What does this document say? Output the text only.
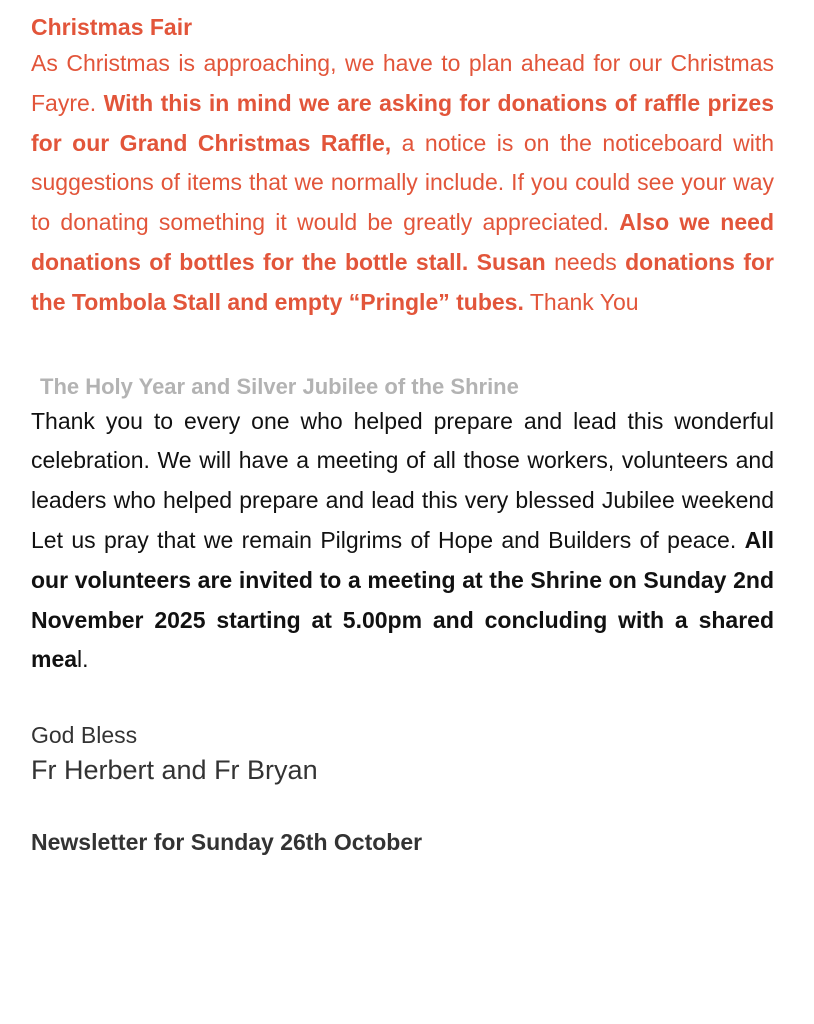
Christmas Fair

As Christmas is approaching, we have to plan ahead for our Christmas Fayre. With this in mind we are asking for donations of raffle prizes for our Grand Christmas Raffle, a notice is on the noticeboard with suggestions of items that we normally include. If you could see your way to donating something it would be greatly appreciated. Also we need donations of bottles for the bottle stall. Susan needs donations for the Tombola Stall and empty “Pringle” tubes. Thank You

The Holy Year and Silver Jubilee of the Shrine

Thank you to every one who helped prepare and lead this wonderful celebration. We will have a meeting of all those workers, volunteers and leaders who helped prepare and lead this very blessed Jubilee weekend Let us pray that we remain Pilgrims of Hope and Builders of peace. All our volunteers are invited to a meeting at the Shrine on Sunday 2nd November 2025 starting at 5.00pm and concluding with a shared meal.

God Bless

Fr Herbert and Fr Bryan

Newsletter for Sunday 26th October
